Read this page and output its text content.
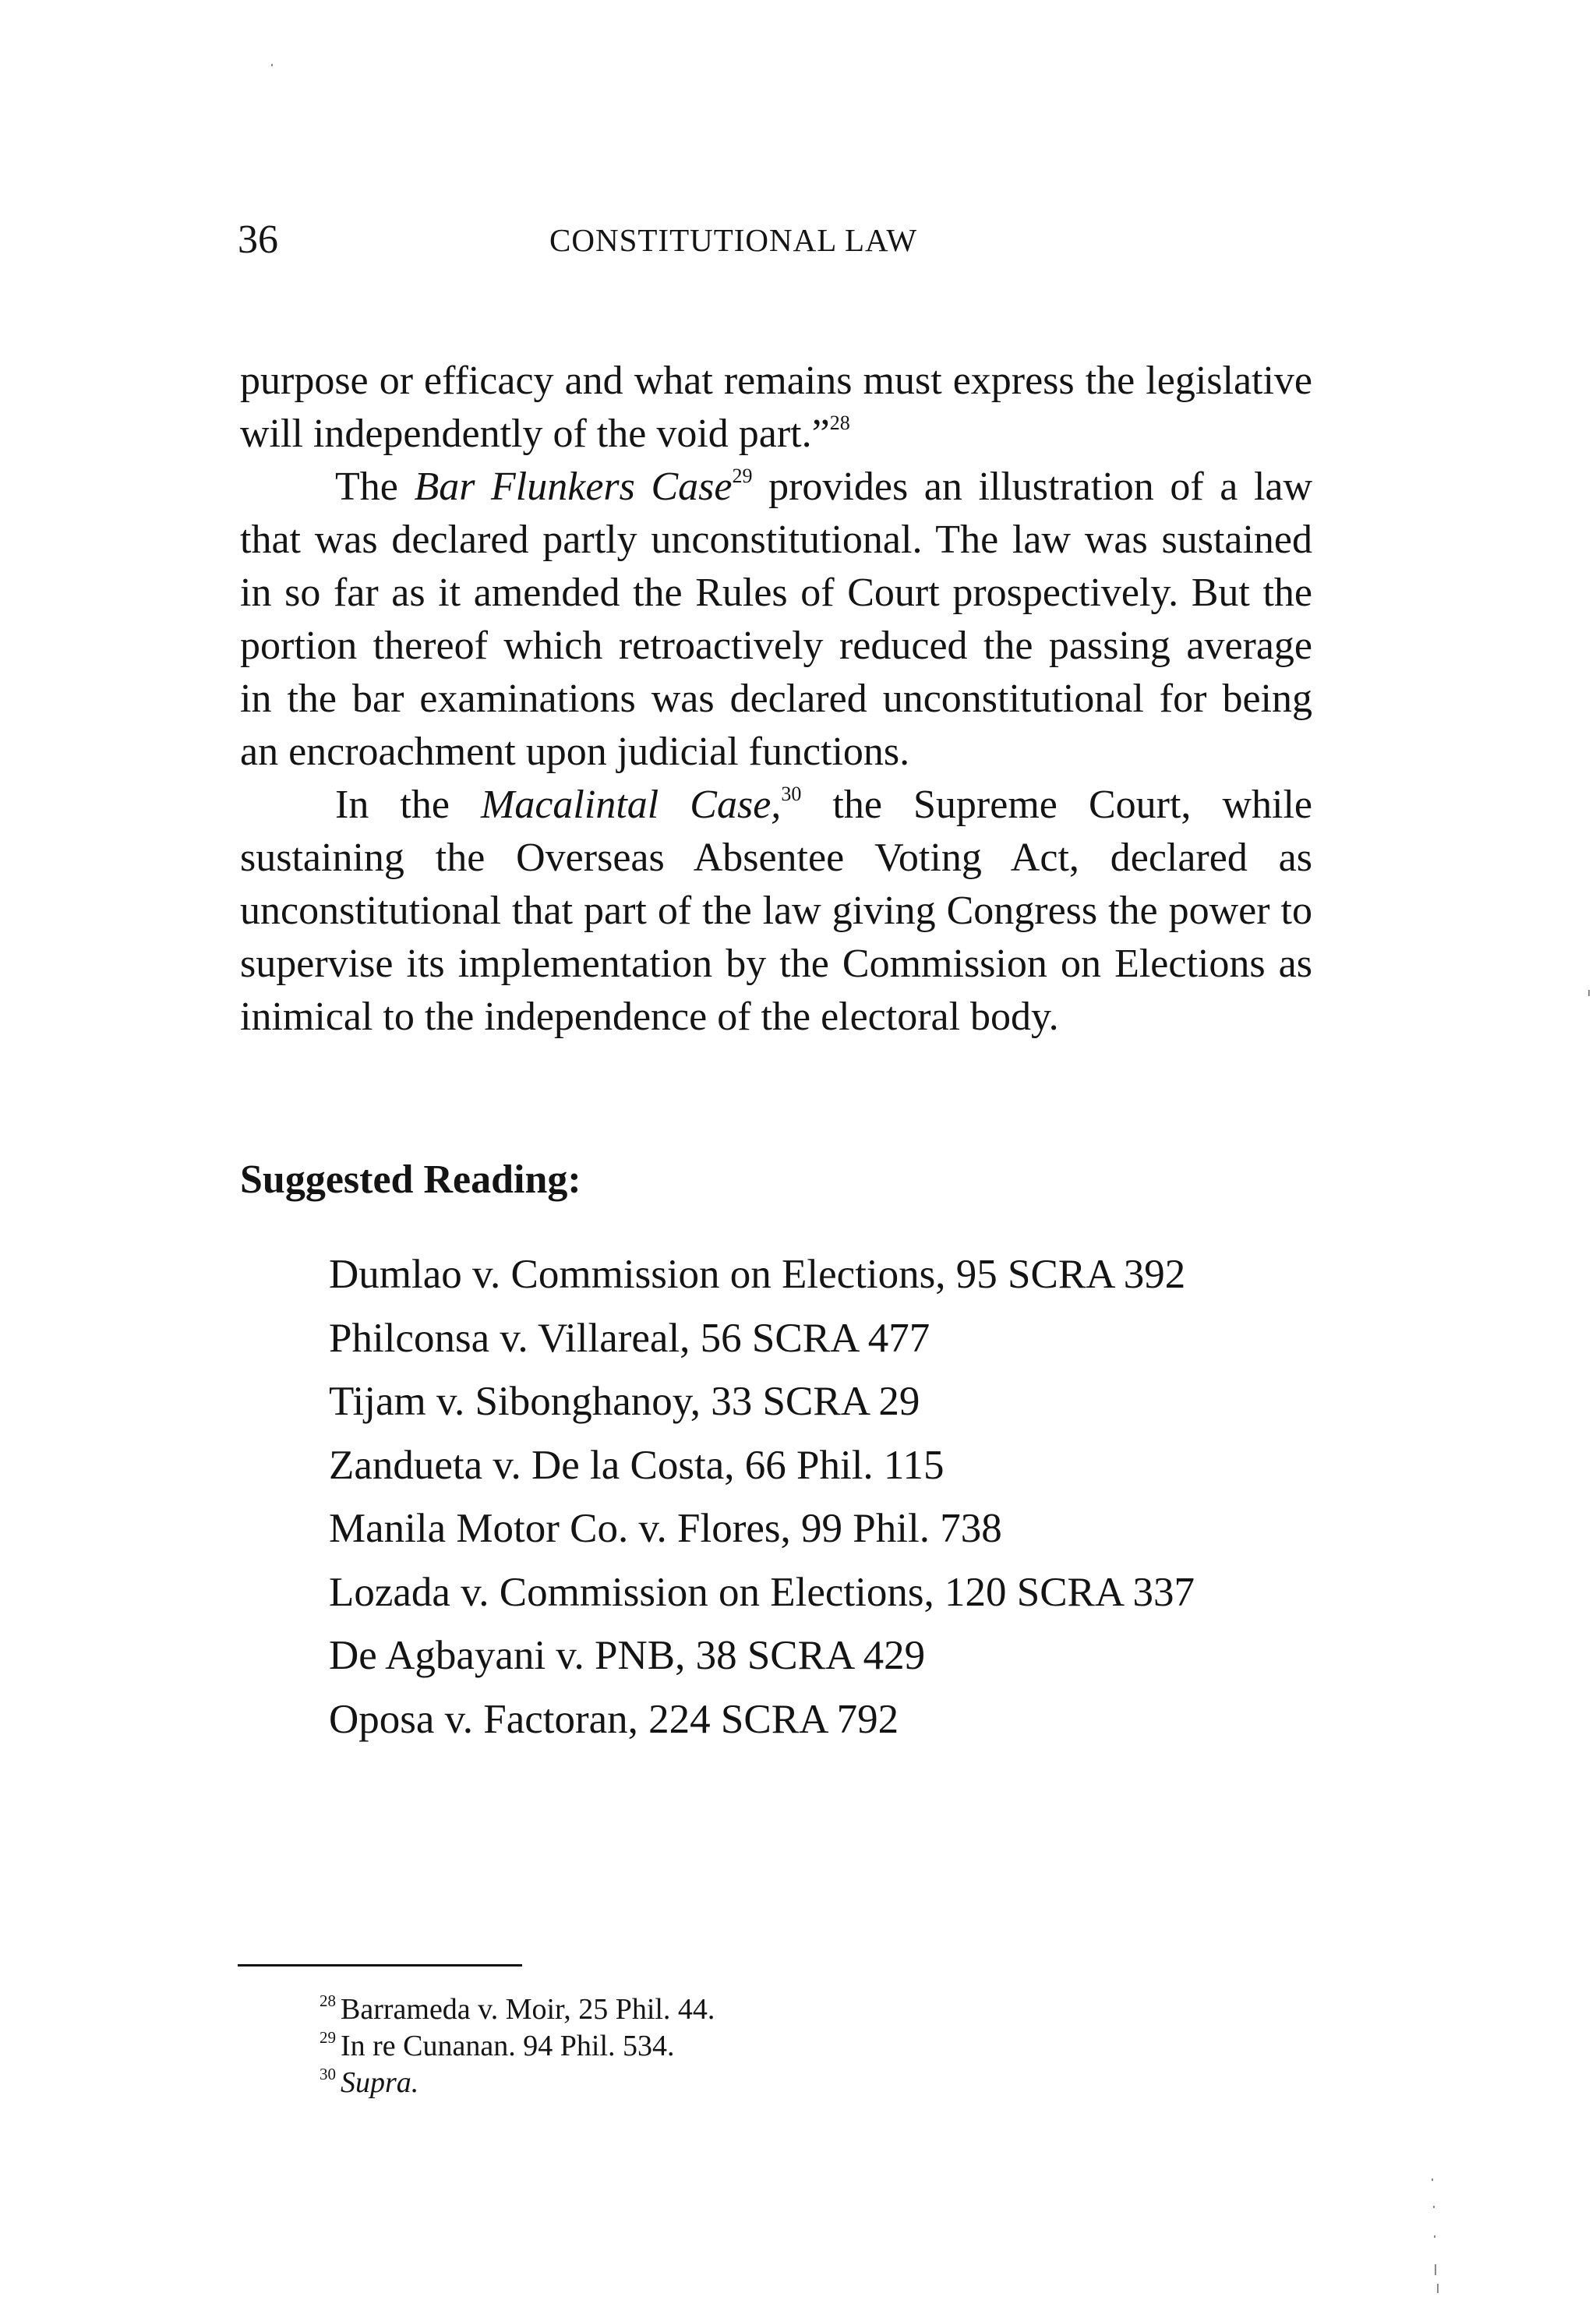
36	CONSTITUTIONAL LAW

purpose or efficacy and what remains must express the legislative will independently of the void part.”$^{28}$

The Bar Flunkers Case$^{29}$ provides an illustration of a law that was declared partly unconstitutional. The law was sustained in so far as it amended the Rules of Court prospectively. But the portion thereof which retroactively reduced the passing average in the bar examinations was declared unconstitutional for being an encroachment upon judicial functions.

In the Macalintal Case,$^{30}$ the Supreme Court, while sustaining the Overseas Absentee Voting Act, declared as unconstitutional that part of the law giving Congress the power to supervise its implementation by the Commission on Elections as inimical to the independence of the electoral body.

Suggested Reading:
Dumlao v. Commission on Elections, 95 SCRA 392
Philconsa v. Villareal, 56 SCRA 477
Tijam v. Sibonghanoy, 33 SCRA 29
Zandueta v. De la Costa, 66 Phil. 115
Manila Motor Co. v. Flores, 99 Phil. 738
Lozada v. Commission on Elections, 120 SCRA 337
De Agbayani v. PNB, 38 SCRA 429
Oposa v. Factoran, 224 SCRA 792
$^{28}$ Barrameda v. Moir, 25 Phil. 44.
$^{29}$ In re Cunanan. 94 Phil. 534.
$^{30}$ Supra.
